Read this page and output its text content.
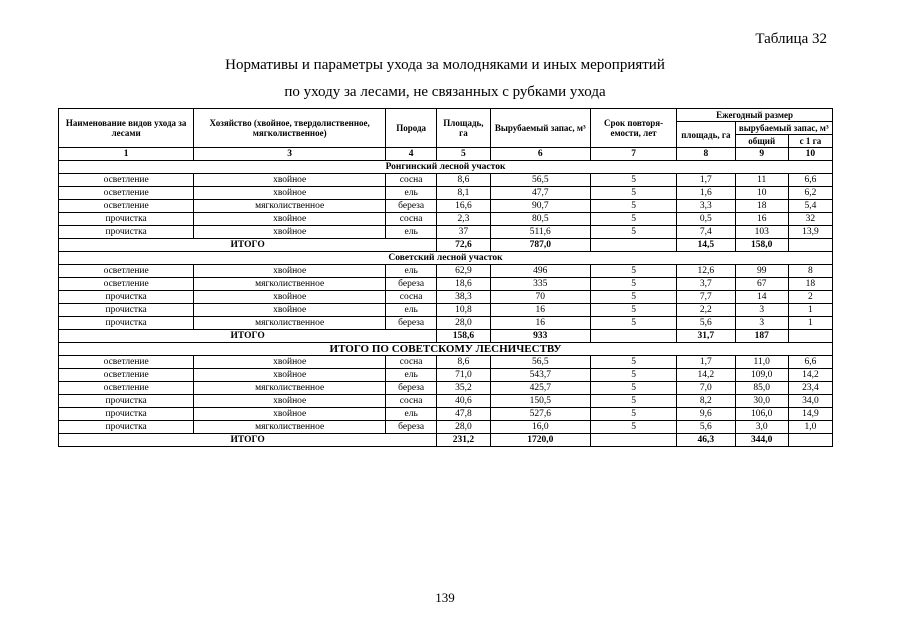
Таблица 32
Нормативы и параметры ухода за молодняками и иных мероприятий
по уходу за лесами, не связанных с рубками ухода
Наименование видов ухода за лесами	Хозяйство (хвойное, твердолиственное, мягколиственное)	Порода	Площадь, га	Вырубаемый запас, м³	Срок повторя-емости, лет	Ежегодный размер		
						площадь, га	вырубаемый запас, м³	
							общий	с 1 га
1	3	4	5	6	7	8	9	10
Ронгинский лесной участок								
осветление	хвойное	сосна	8,6	56,5	5	1,7	11	6,6
осветление	хвойное	ель	8,1	47,7	5	1,6	10	6,2
осветление	мягколиственное	береза	16,6	90,7	5	3,3	18	5,4
прочистка	хвойное	сосна	2,3	80,5	5	0,5	16	32
прочистка	хвойное	ель	37	511,6	5	7,4	103	13,9
ИТОГО			72,6	787,0		14,5	158,0	
Советский лесной участок								
осветление	хвойное	ель	62,9	496	5	12,6	99	8
осветление	мягколиственное	береза	18,6	335	5	3,7	67	18
прочистка	хвойное	сосна	38,3	70	5	7,7	14	2
прочистка	хвойное	ель	10,8	16	5	2,2	3	1
прочистка	мягколиственное	береза	28,0	16	5	5,6	3	1
ИТОГО			158,6	933		31,7	187	
ИТОГО ПО СОВЕТСКОМУ ЛЕСНИЧЕСТВУ								
осветление	хвойное	сосна	8,6	56,5	5	1,7	11,0	6,6
осветление	хвойное	ель	71,0	543,7	5	14,2	109,0	14,2
осветление	мягколиственное	береза	35,2	425,7	5	7,0	85,0	23,4
прочистка	хвойное	сосна	40,6	150,5	5	8,2	30,0	34,0
прочистка	хвойное	ель	47,8	527,6	5	9,6	106,0	14,9
прочистка	мягколиственное	береза	28,0	16,0	5	5,6	3,0	1,0
ИТОГО			231,2	1720,0		46,3	344,0	
139
